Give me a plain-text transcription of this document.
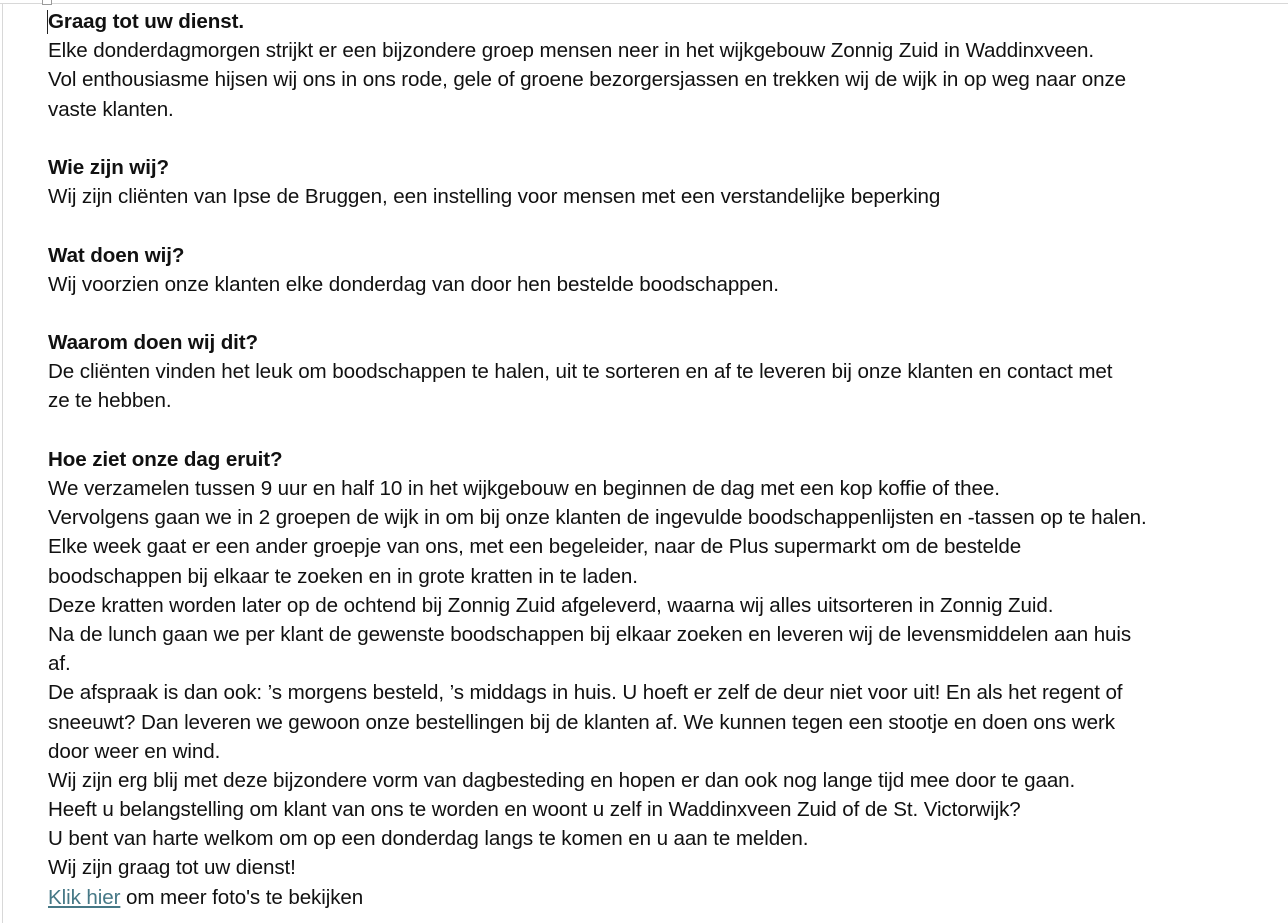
Graag tot uw dienst.
Elke donderdagmorgen strijkt er een bijzondere groep mensen neer in het wijkgebouw Zonnig Zuid in Waddinxveen.
Vol enthousiasme hijsen wij ons in ons rode, gele of groene bezorgersjassen en trekken wij de wijk in op weg naar onze
vaste klanten.
Wie zijn wij?
Wij zijn cliënten van Ipse de Bruggen, een instelling voor mensen met een verstandelijke beperking
Wat doen wij?
Wij voorzien onze klanten elke donderdag van door hen bestelde boodschappen.
Waarom doen wij dit?
De cliënten vinden het leuk om boodschappen te halen, uit te sorteren en af te leveren bij onze klanten en contact met
ze te hebben.
Hoe ziet onze dag eruit?
We verzamelen tussen 9 uur en half 10 in het wijkgebouw en beginnen de dag met een kop koffie of thee.
Vervolgens gaan we in 2 groepen de wijk in om bij onze klanten de ingevulde boodschappenlijsten en -tassen op te halen.
Elke week gaat er een ander groepje van ons, met een begeleider, naar de Plus supermarkt om de bestelde
boodschappen bij elkaar te zoeken en in grote kratten in te laden.
Deze kratten worden later op de ochtend bij Zonnig Zuid afgeleverd, waarna wij alles uitsorteren in Zonnig Zuid.
Na de lunch gaan we per klant de gewenste boodschappen bij elkaar zoeken en leveren wij de levensmiddelen aan huis
af.
De afspraak is dan ook: ’s morgens besteld, ’s middags in huis. U hoeft er zelf de deur niet voor uit! En als het regent of
sneeuwt? Dan leveren we gewoon onze bestellingen bij de klanten af. We kunnen tegen een stootje en doen ons werk
door weer en wind.
Wij zijn erg blij met deze bijzondere vorm van dagbesteding en hopen er dan ook nog lange tijd mee door te gaan.
Heeft u belangstelling om klant van ons te worden en woont u zelf in Waddinxveen Zuid of de St. Victorwijk?
U bent van harte welkom om op een donderdag langs te komen en u aan te melden.
Wij zijn graag tot uw dienst!
Klik hier om meer foto's te bekijken
